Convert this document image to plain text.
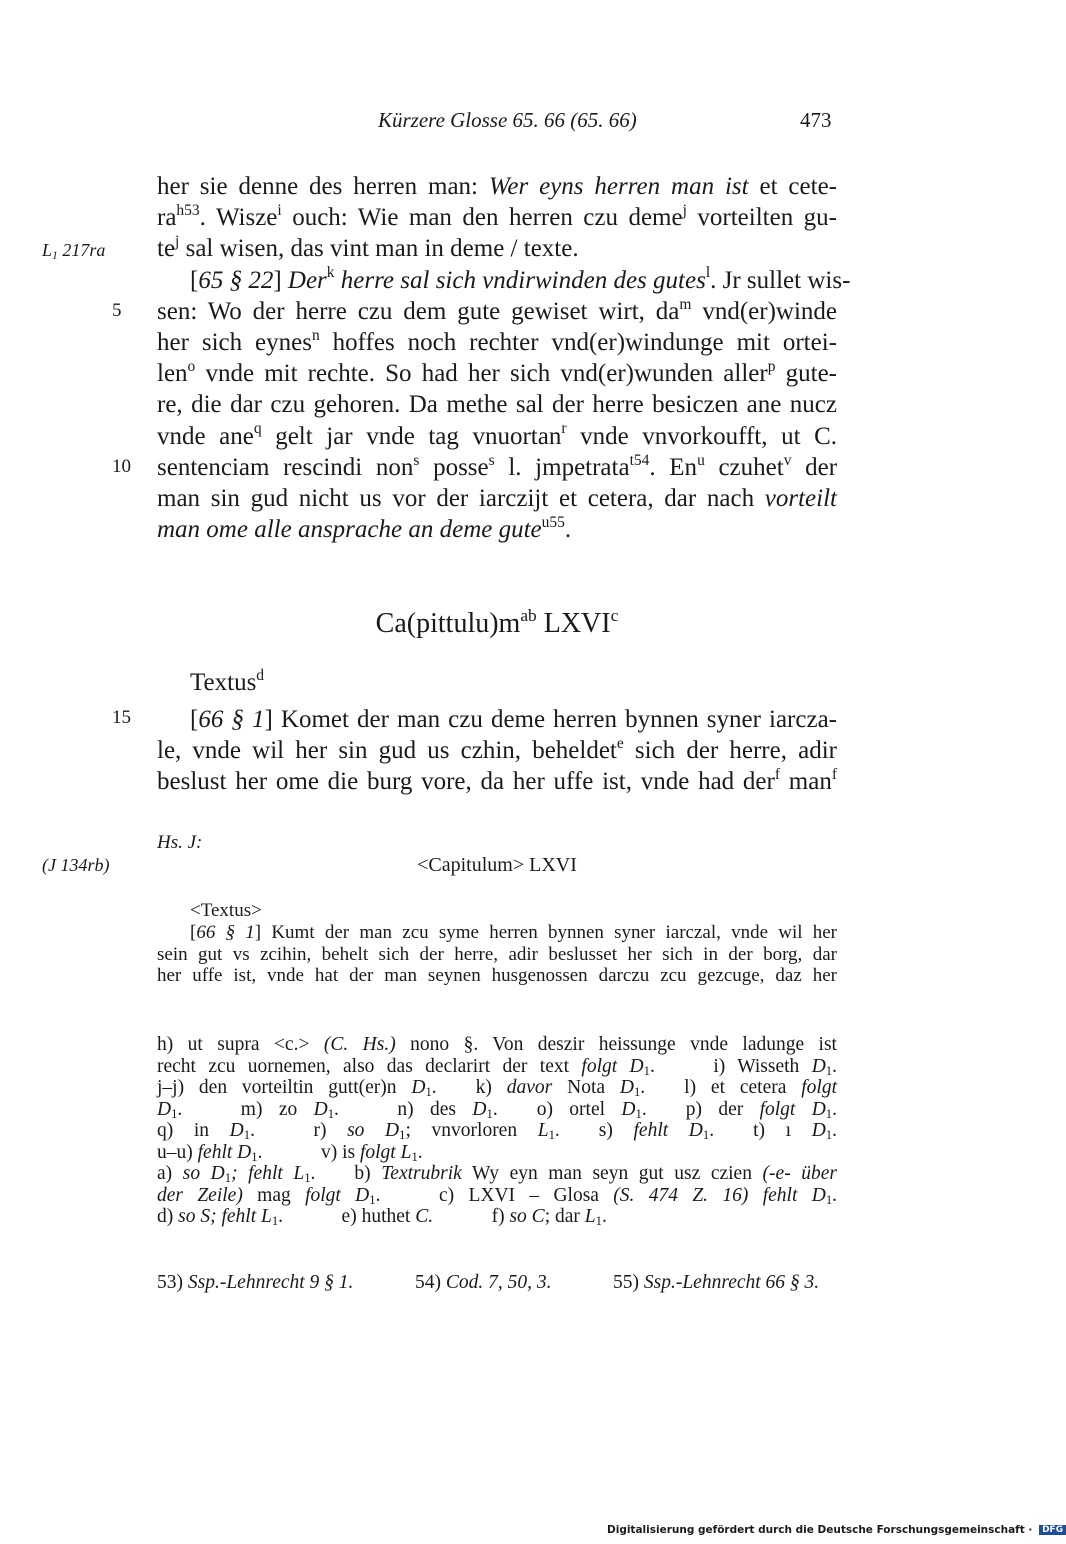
Kürzere Glosse 65. 66 (65. 66)	473
$L_1$ 217ra
(J 134rb)
5
10
15
her sie denne des herren man: Wer eyns herren man ist et cete-
$ra^{h53}$. Wisze$^i$ ouch: Wie man den herren czu deme$^j$ vorteilten gu-
$te^j$ sal wisen, das vint man in deme / texte.
[65 § 22] Der$^k$ herre sal sich vndirwinden des gutes$^l$. Jr sullet wis-
sen: Wo der herre czu dem gute gewiset wirt, $da^m$ vnd(er)winde
her sich eynes$^n$ hoffes noch rechter vnd(er)windunge mit ortei-
len$^o$ vnde mit rechte. So had her sich vnd(er)wunden aller$^p$ gute-
re, die dar czu gehoren. Da methe sal der herre besiczen ane nucz
vnde ane$^q$ gelt jar vnde tag vnuortan$^r$ vnde vnvorkoufft, ut C.
sentenciam rescindi non$^s$ posse$^s$ l. jmpetrata$^{t54}$. En$^u$ czuhet$^v$ der
man sin gud nicht us vor der iarczijt et cetera, dar nach vorteilt
man ome alle ansprache an deme gute$^{u55}$.
$Ca(pittulu)m^{ab}$ LXVI$^c$
Textus$^d$
[66 § 1] Komet der man czu deme herren bynnen syner iarcza-
le, vnde wil her sin gud us czhin, beheldet$^e$ sich der herre, adir
beslust her ome die burg vore, da her uffe ist, vnde had der$^f$ man$^f$
Hs. J:
<Capitulum> LXVI
<Textus>
[66 § 1] Kumt der man zcu syme herren bynnen syner iarczal, vnde wil her
sein gut vs zcihin, behelt sich der herre, adir beslusset her sich in der borg, dar
her uffe ist, vnde hat der man seynen husgenossen darczu zcu gezcuge, daz her
h) ut supra <c.> (C. Hs.) nono §. Von deszir heissunge vnde ladunge ist
recht zcu uornemen, also das declarirt der text folgt $D_1$.   	i) Wisseth $D_1$.
j–j) den vorteiltin gutt(er)n $D_1$.   k) davor Nota $D_1$.   l) et cetera folgt
$D_1$.   	m) zo $D_1$.   	n) des $D_1$.   o) ortel $D_1$.   p) der folgt $D_1$.
q) in $D_1$.   	r) so $D_1$; vnvorloren $L_1$.   s) fehlt $D_1$.   t) ı $D_1$.
u–u) fehlt $D_1$.   	v) is folgt $L_1$.
a) so $D_1$; fehlt $L_1$.   b) Textrubrik Wy eyn man seyn gut usz czien (-e- über
der Zeile) mag folgt $D_1$.   	c) LXVI – Glosa (S. 474 Z. 16) fehlt $D_1$.
d) so S; fehlt $L_1$.   	e) huthet C.   	f) so C; dar $L_1$.
53) Ssp.-Lehnrecht 9 § 1.	54) Cod. 7, 50, 3.	55) Ssp.-Lehnrecht 66 § 3.
Digitalisierung gefördert durch die Deutsche Forschungsgemeinschaft · DFG
